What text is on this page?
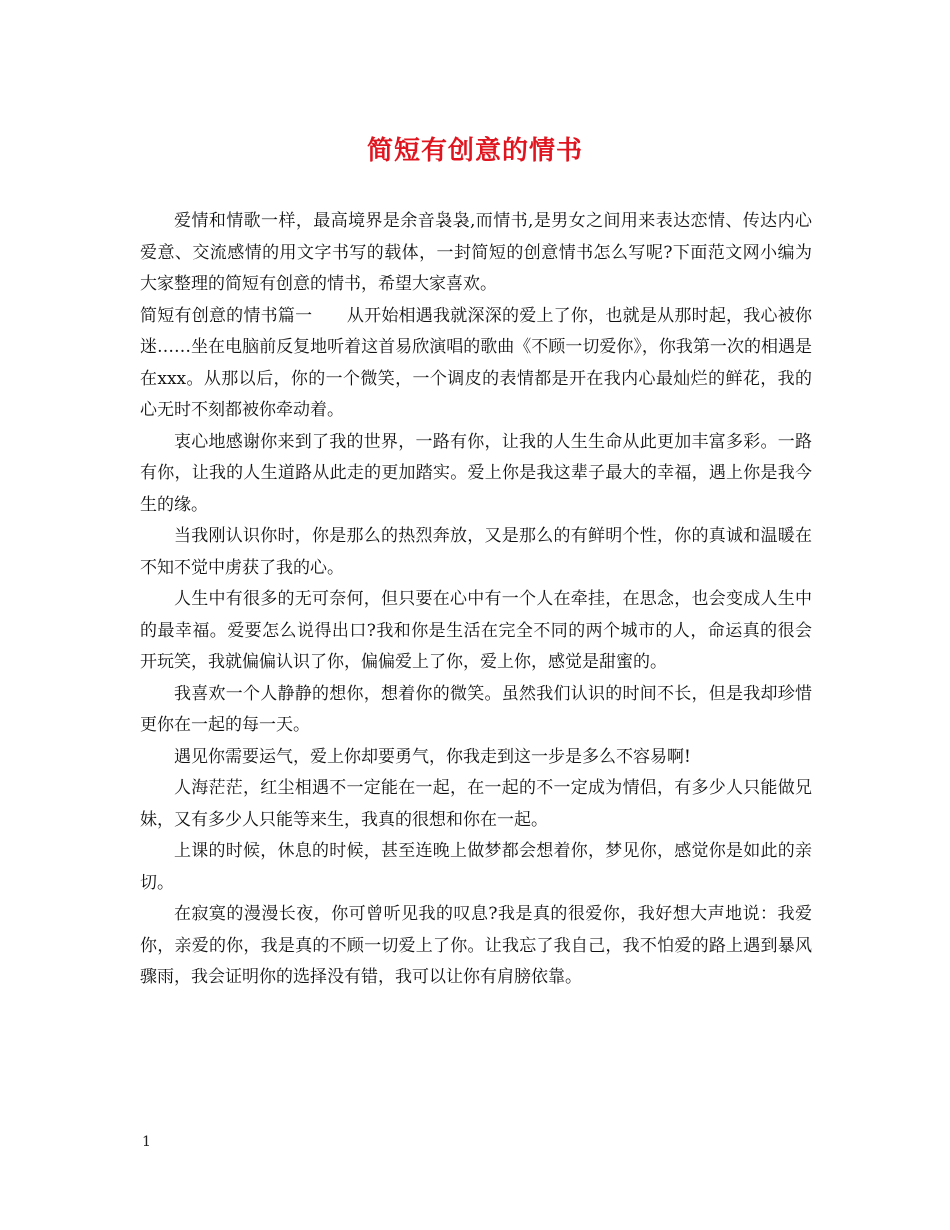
简短有创意的情书

爱情和情歌一样，最高境界是余音袅袅,而情书,是男女之间用来表达恋情、传达内心爱意、交流感情的用文字书写的载体，一封简短的创意情书怎么写呢?下面范文网小编为大家整理的简短有创意的情书，希望大家喜欢。

简短有创意的情书篇一　　从开始相遇我就深深的爱上了你，也就是从那时起，我心被你迷……坐在电脑前反复地听着这首易欣演唱的歌曲《不顾一切爱你》，你我第一次的相遇是在xxx。从那以后，你的一个微笑，一个调皮的表情都是开在我内心最灿烂的鲜花，我的心无时不刻都被你牵动着。

衷心地感谢你来到了我的世界，一路有你，让我的人生生命从此更加丰富多彩。一路有你，让我的人生道路从此走的更加踏实。爱上你是我这辈子最大的幸福，遇上你是我今生的缘。

当我刚认识你时，你是那么的热烈奔放，又是那么的有鲜明个性，你的真诚和温暖在不知不觉中虏获了我的心。

人生中有很多的无可奈何，但只要在心中有一个人在牵挂，在思念，也会变成人生中的最幸福。爱要怎么说得出口?我和你是生活在完全不同的两个城市的人，命运真的很会开玩笑，我就偏偏认识了你，偏偏爱上了你，爱上你，感觉是甜蜜的。

我喜欢一个人静静的想你，想着你的微笑。虽然我们认识的时间不长，但是我却珍惜更你在一起的每一天。

遇见你需要运气，爱上你却要勇气，你我走到这一步是多么不容易啊!

人海茫茫，红尘相遇不一定能在一起，在一起的不一定成为情侣，有多少人只能做兄妹，又有多少人只能等来生，我真的很想和你在一起。

上课的时候，休息的时候，甚至连晚上做梦都会想着你，梦见你，感觉你是如此的亲切。

在寂寞的漫漫长夜，你可曾听见我的叹息?我是真的很爱你，我好想大声地说：我爱你，亲爱的你，我是真的不顾一切爱上了你。让我忘了我自己，我不怕爱的路上遇到暴风骤雨，我会证明你的选择没有错，我可以让你有肩膀依靠。

1
